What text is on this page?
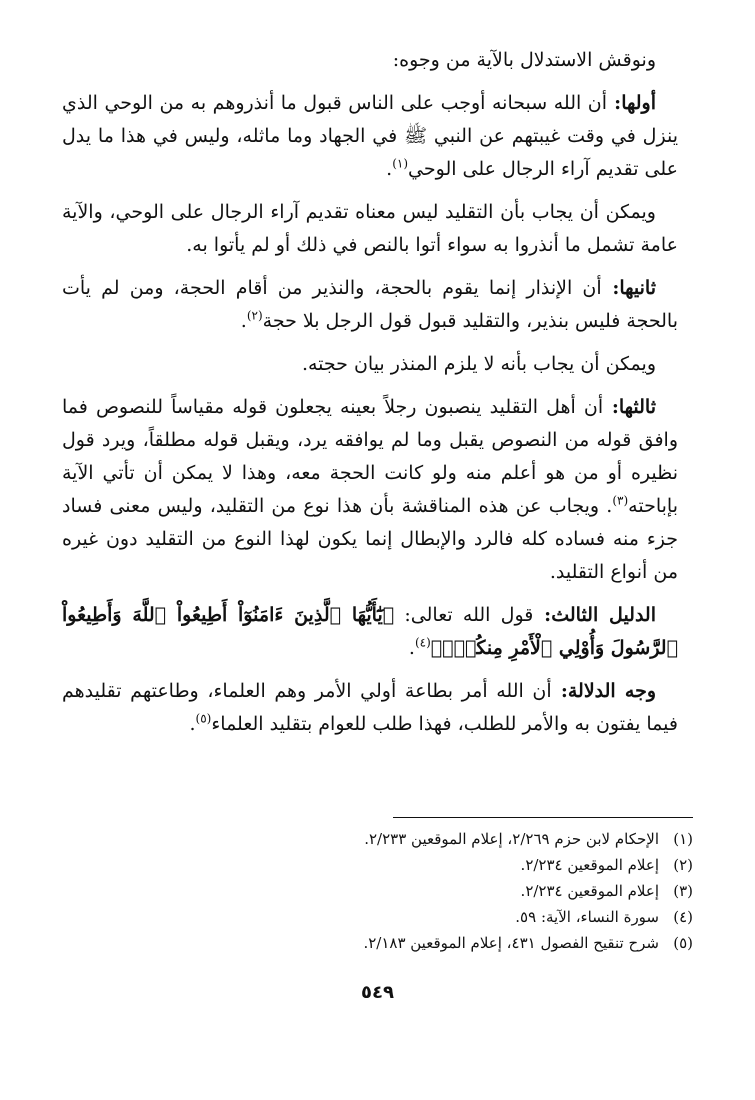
ونوقش الاستدلال بالآية من وجوه:

أولها: أن الله سبحانه أوجب على الناس قبول ما أنذروهم به من الوحي الذي ينزل في وقت غيبتهم عن النبي ﷺ في الجهاد وما ماثله، وليس في هذا ما يدل على تقديم آراء الرجال على الوحي$^{(١)}$.

ويمكن أن يجاب بأن التقليد ليس معناه تقديم آراء الرجال على الوحي، والآية عامة تشمل ما أنذروا به سواء أتوا بالنص في ذلك أو لم يأتوا به.

ثانيها: أن الإنذار إنما يقوم بالحجة، والنذير من أقام الحجة، ومن لم يأت بالحجة فليس بنذير، والتقليد قبول قول الرجل بلا حجة$^{(٢)}$.

ويمكن أن يجاب بأنه لا يلزم المنذر بيان حجته.

ثالثها: أن أهل التقليد ينصبون رجلاً بعينه يجعلون قوله مقياساً للنصوص فما وافق قوله من النصوص يقبل وما لم يوافقه يرد، ويقبل قوله مطلقاً، ويرد قول نظيره أو من هو أعلم منه ولو كانت الحجة معه، وهذا لا يمكن أن تأتي الآية بإباحته$^{(٣)}$. ويجاب عن هذه المناقشة بأن هذا نوع من التقليد، وليس معنى فساد جزء منه فساده كله فالرد والإبطال إنما يكون لهذا النوع من التقليد دون غيره من أنواع التقليد.

الدليل الثالث: قول الله تعالى: ﴿يَٰٓأَيُّهَا ٱلَّذِينَ ءَامَنُوٓاْ أَطِيعُواْ ٱللَّهَ وَأَطِيعُواْ ٱلرَّسُولَ وَأُوْلِي ٱلْأَمْرِ مِنكُمْۖ﴾$^{(٤)}$.

وجه الدلالة: أن الله أمر بطاعة أولي الأمر وهم العلماء، وطاعتهم تقليدهم فيما يفتون به والأمر للطلب، فهذا طلب للعوام بتقليد العلماء$^{(٥)}$.

(١)الإحكام لابن حزم ٢/٢٦٩، إعلام الموقعين ٢/٢٣٣.

(٢)إعلام الموقعين ٢/٢٣٤.

(٣)إعلام الموقعين ٢/٢٣٤.

(٤)سورة النساء، الآية: ٥٩.

(٥)شرح تنقيح الفصول ٤٣١، إعلام الموقعين ٢/١٨٣.

٥٤٩
